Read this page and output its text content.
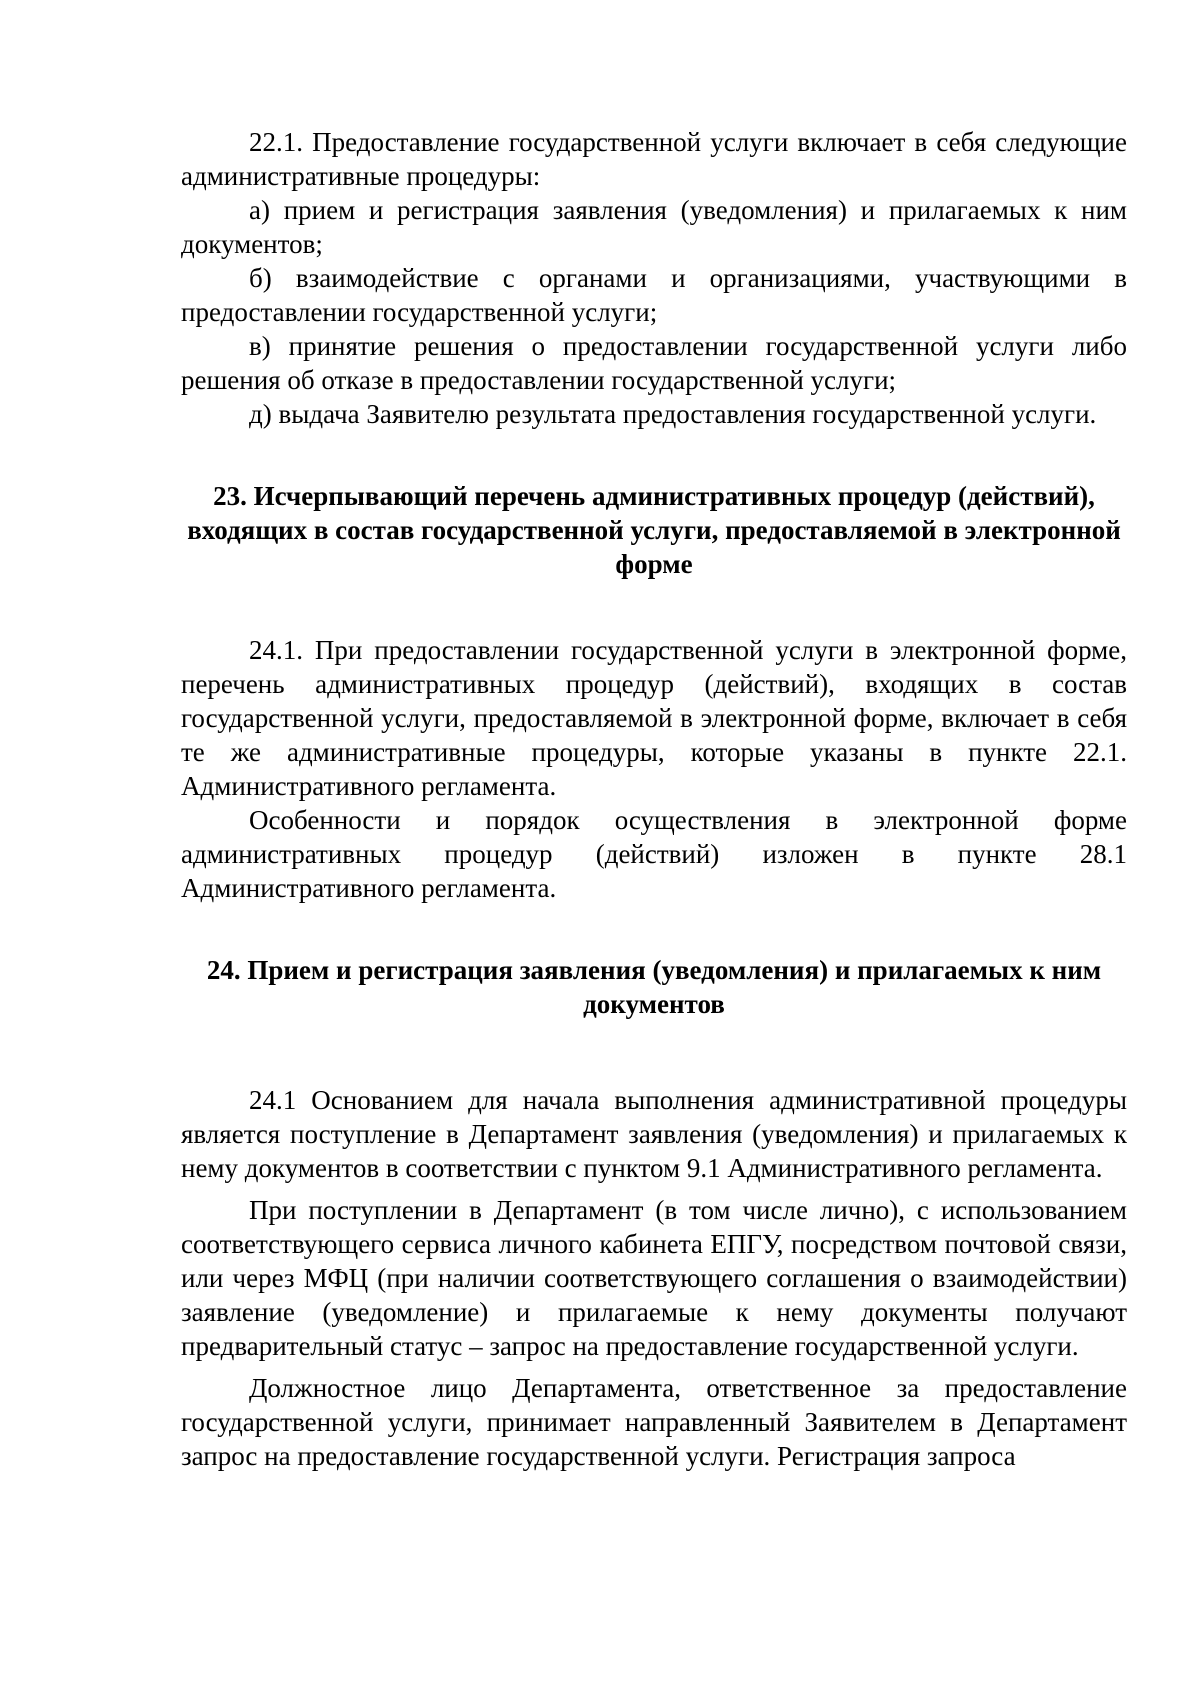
22.1. Предоставление государственной услуги включает в себя следующие административные процедуры:

а) прием и регистрация заявления (уведомления) и прилагаемых к ним документов;

б) взаимодействие с органами и организациями, участвующими в предоставлении государственной услуги;

в) принятие решения о предоставлении государственной услуги либо решения об отказе в предоставлении государственной услуги;

д) выдача Заявителю результата предоставления государственной услуги.

23. Исчерпывающий перечень административных процедур (действий), входящих в состав государственной услуги, предоставляемой в электронной форме

24.1. При предоставлении государственной услуги в электронной форме, перечень административных процедур (действий), входящих в состав государственной услуги, предоставляемой в электронной форме, включает в себя те же административные процедуры, которые указаны в пункте 22.1. Административного регламента.

Особенности и порядок осуществления в электронной форме административных процедур (действий) изложен в пункте 28.1 Административного регламента.

24. Прием и регистрация заявления (уведомления) и прилагаемых к ним документов

24.1 Основанием для начала выполнения административной процедуры является поступление в Департамент заявления (уведомления) и прилагаемых к нему документов в соответствии с пунктом 9.1 Административного регламента.

При поступлении в Департамент (в том числе лично), с использованием соответствующего сервиса личного кабинета ЕПГУ, посредством почтовой связи, или через МФЦ (при наличии соответствующего соглашения о взаимодействии) заявление (уведомление) и прилагаемые к нему документы получают предварительный статус – запрос на предоставление государственной услуги.

Должностное лицо Департамента, ответственное за предоставление государственной услуги, принимает направленный Заявителем в Департамент запрос на предоставление государственной услуги. Регистрация запроса
